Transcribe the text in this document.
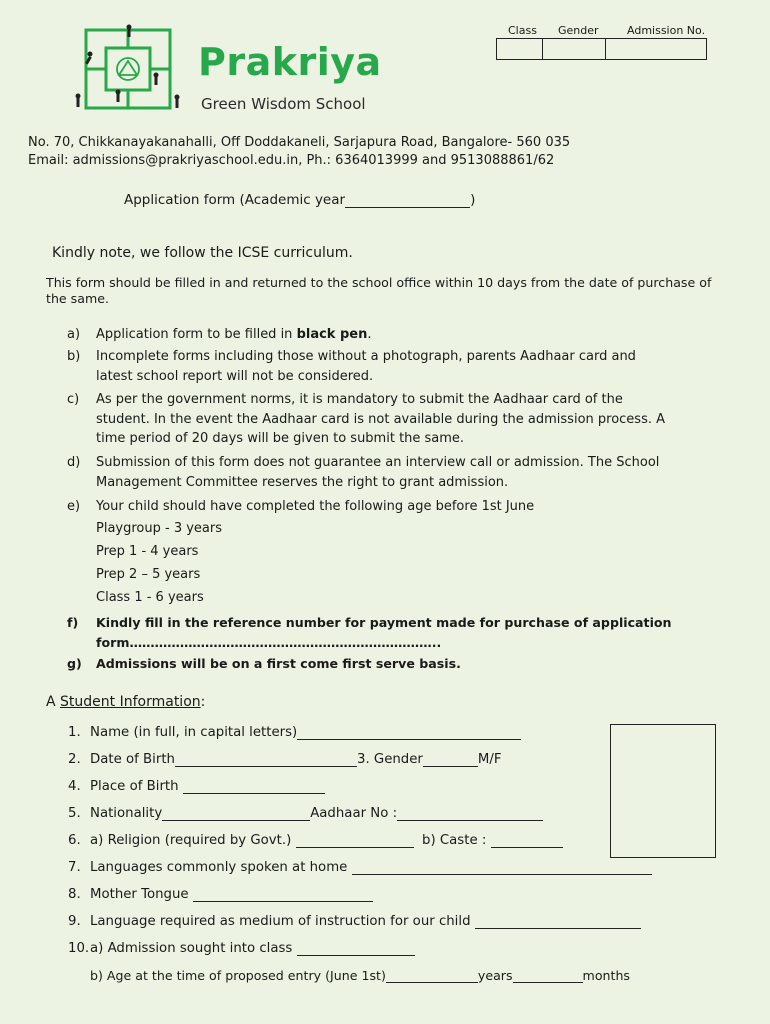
Prakriya
Green Wisdom School
Class Gender	Admission No.
No. 70, Chikkanayakanahalli, Off Doddakaneli, Sarjapura Road, Bangalore- 560 035
Email: admissions@prakriyaschool.edu.in, Ph.: 6364013999 and 9513088861/62
Application form (Academic year	)
Kindly note, we follow the ICSE curriculum.
This form should be filled in and returned to the school office within 10 days from the date of purchase of the same.
a) Application form to be filled in black pen.
b) Incomplete forms including those without a photograph, parents Aadhaar card and latest school report will not be considered.
c) As per the government norms, it is mandatory to submit the Aadhaar card of the student. In the event the Aadhaar card is not available during the admission process. A time period of 20 days will be given to submit the same.
d) Submission of this form does not guarantee an interview call or admission. The School Management Committee reserves the right to grant admission.
e) Your child should have completed the following age before 1st June
Playgroup - 3 years
Prep 1 - 4 years
Prep 2 – 5 years
Class 1 - 6 years
f) Kindly fill in the reference number for payment made for purchase of application form………………………………………………………………..
g) Admissions will be on a first come first serve basis.
A Student Information:
1. Name (in full, in capital letters)
2. Date of Birth	3. Gender	M/F
4. Place of Birth
5. Nationality	Aadhaar No :
6. a) Religion (required by Govt.)	b) Caste :
7. Languages commonly spoken at home
8. Mother Tongue
9. Language required as medium of instruction for our child
10.a) Admission sought into class
b) Age at the time of proposed entry (June 1st)	years	months
